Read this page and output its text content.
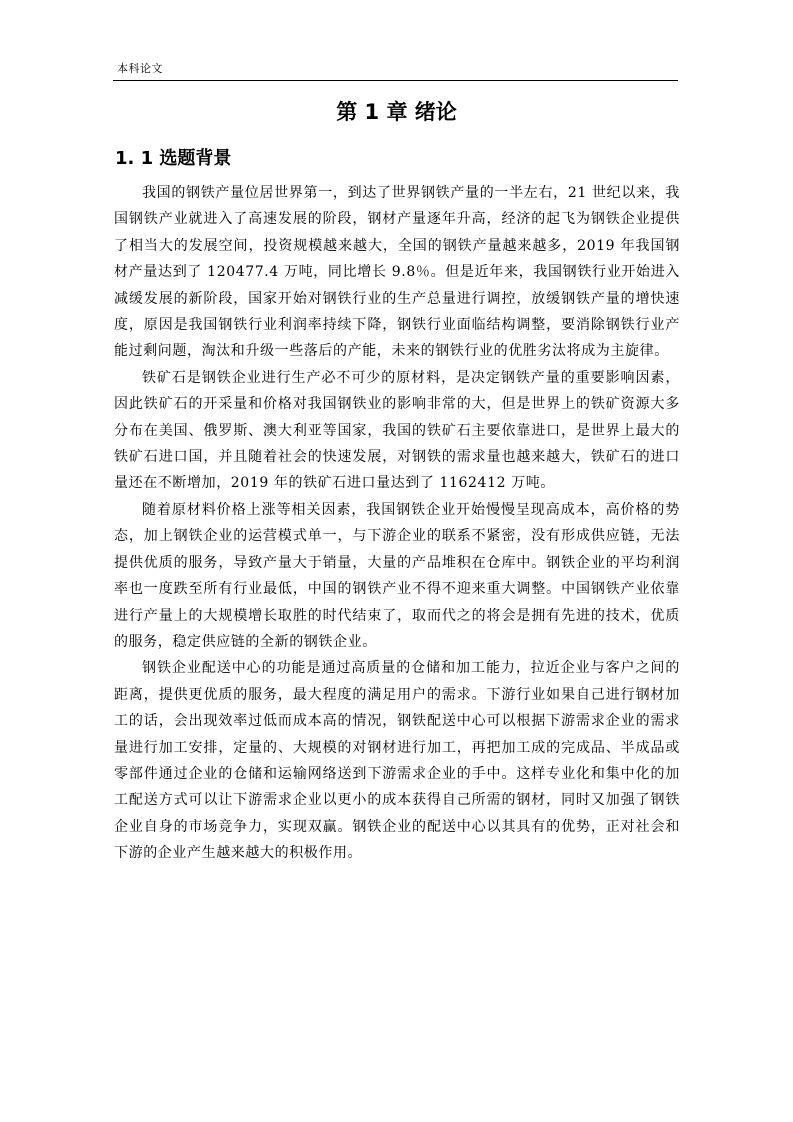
本科论文
第 1 章 绪论
1. 1 选题背景

我国的钢铁产量位居世界第一，到达了世界钢铁产量的一半左右，21 世纪以来，我国钢铁产业就进入了高速发展的阶段，钢材产量逐年升高，经济的起飞为钢铁企业提供了相当大的发展空间，投资规模越来越大，全国的钢铁产量越来越多，2019 年我国钢材产量达到了 120477.4 万吨，同比增长 9.8％。但是近年来，我国钢铁行业开始进入减缓发展的新阶段，国家开始对钢铁行业的生产总量进行调控，放缓钢铁产量的增快速度，原因是我国钢铁行业利润率持续下降，钢铁行业面临结构调整，要消除钢铁行业产能过剩问题，淘汰和升级一些落后的产能，未来的钢铁行业的优胜劣汰将成为主旋律。

铁矿石是钢铁企业进行生产必不可少的原材料，是决定钢铁产量的重要影响因素，因此铁矿石的开采量和价格对我国钢铁业的影响非常的大，但是世界上的铁矿资源大多分布在美国、俄罗斯、澳大利亚等国家，我国的铁矿石主要依靠进口，是世界上最大的铁矿石进口国，并且随着社会的快速发展，对钢铁的需求量也越来越大，铁矿石的进口量还在不断增加，2019 年的铁矿石进口量达到了 1162412 万吨。

随着原材料价格上涨等相关因素，我国钢铁企业开始慢慢呈现高成本，高价格的势态，加上钢铁企业的运营模式单一，与下游企业的联系不紧密，没有形成供应链，无法提供优质的服务，导致产量大于销量，大量的产品堆积在仓库中。钢铁企业的平均利润率也一度跌至所有行业最低，中国的钢铁产业不得不迎来重大调整。中国钢铁产业依靠进行产量上的大规模增长取胜的时代结束了，取而代之的将会是拥有先进的技术，优质的服务，稳定供应链的全新的钢铁企业。

钢铁企业配送中心的功能是通过高质量的仓储和加工能力，拉近企业与客户之间的距离，提供更优质的服务，最大程度的满足用户的需求。下游行业如果自己进行钢材加工的话，会出现效率过低而成本高的情况，钢铁配送中心可以根据下游需求企业的需求量进行加工安排，定量的、大规模的对钢材进行加工，再把加工成的完成品、半成品或零部件通过企业的仓储和运输网络送到下游需求企业的手中。这样专业化和集中化的加工配送方式可以让下游需求企业以更小的成本获得自己所需的钢材，同时又加强了钢铁企业自身的市场竞争力，实现双赢。钢铁企业的配送中心以其具有的优势，正对社会和下游的企业产生越来越大的积极作用。
